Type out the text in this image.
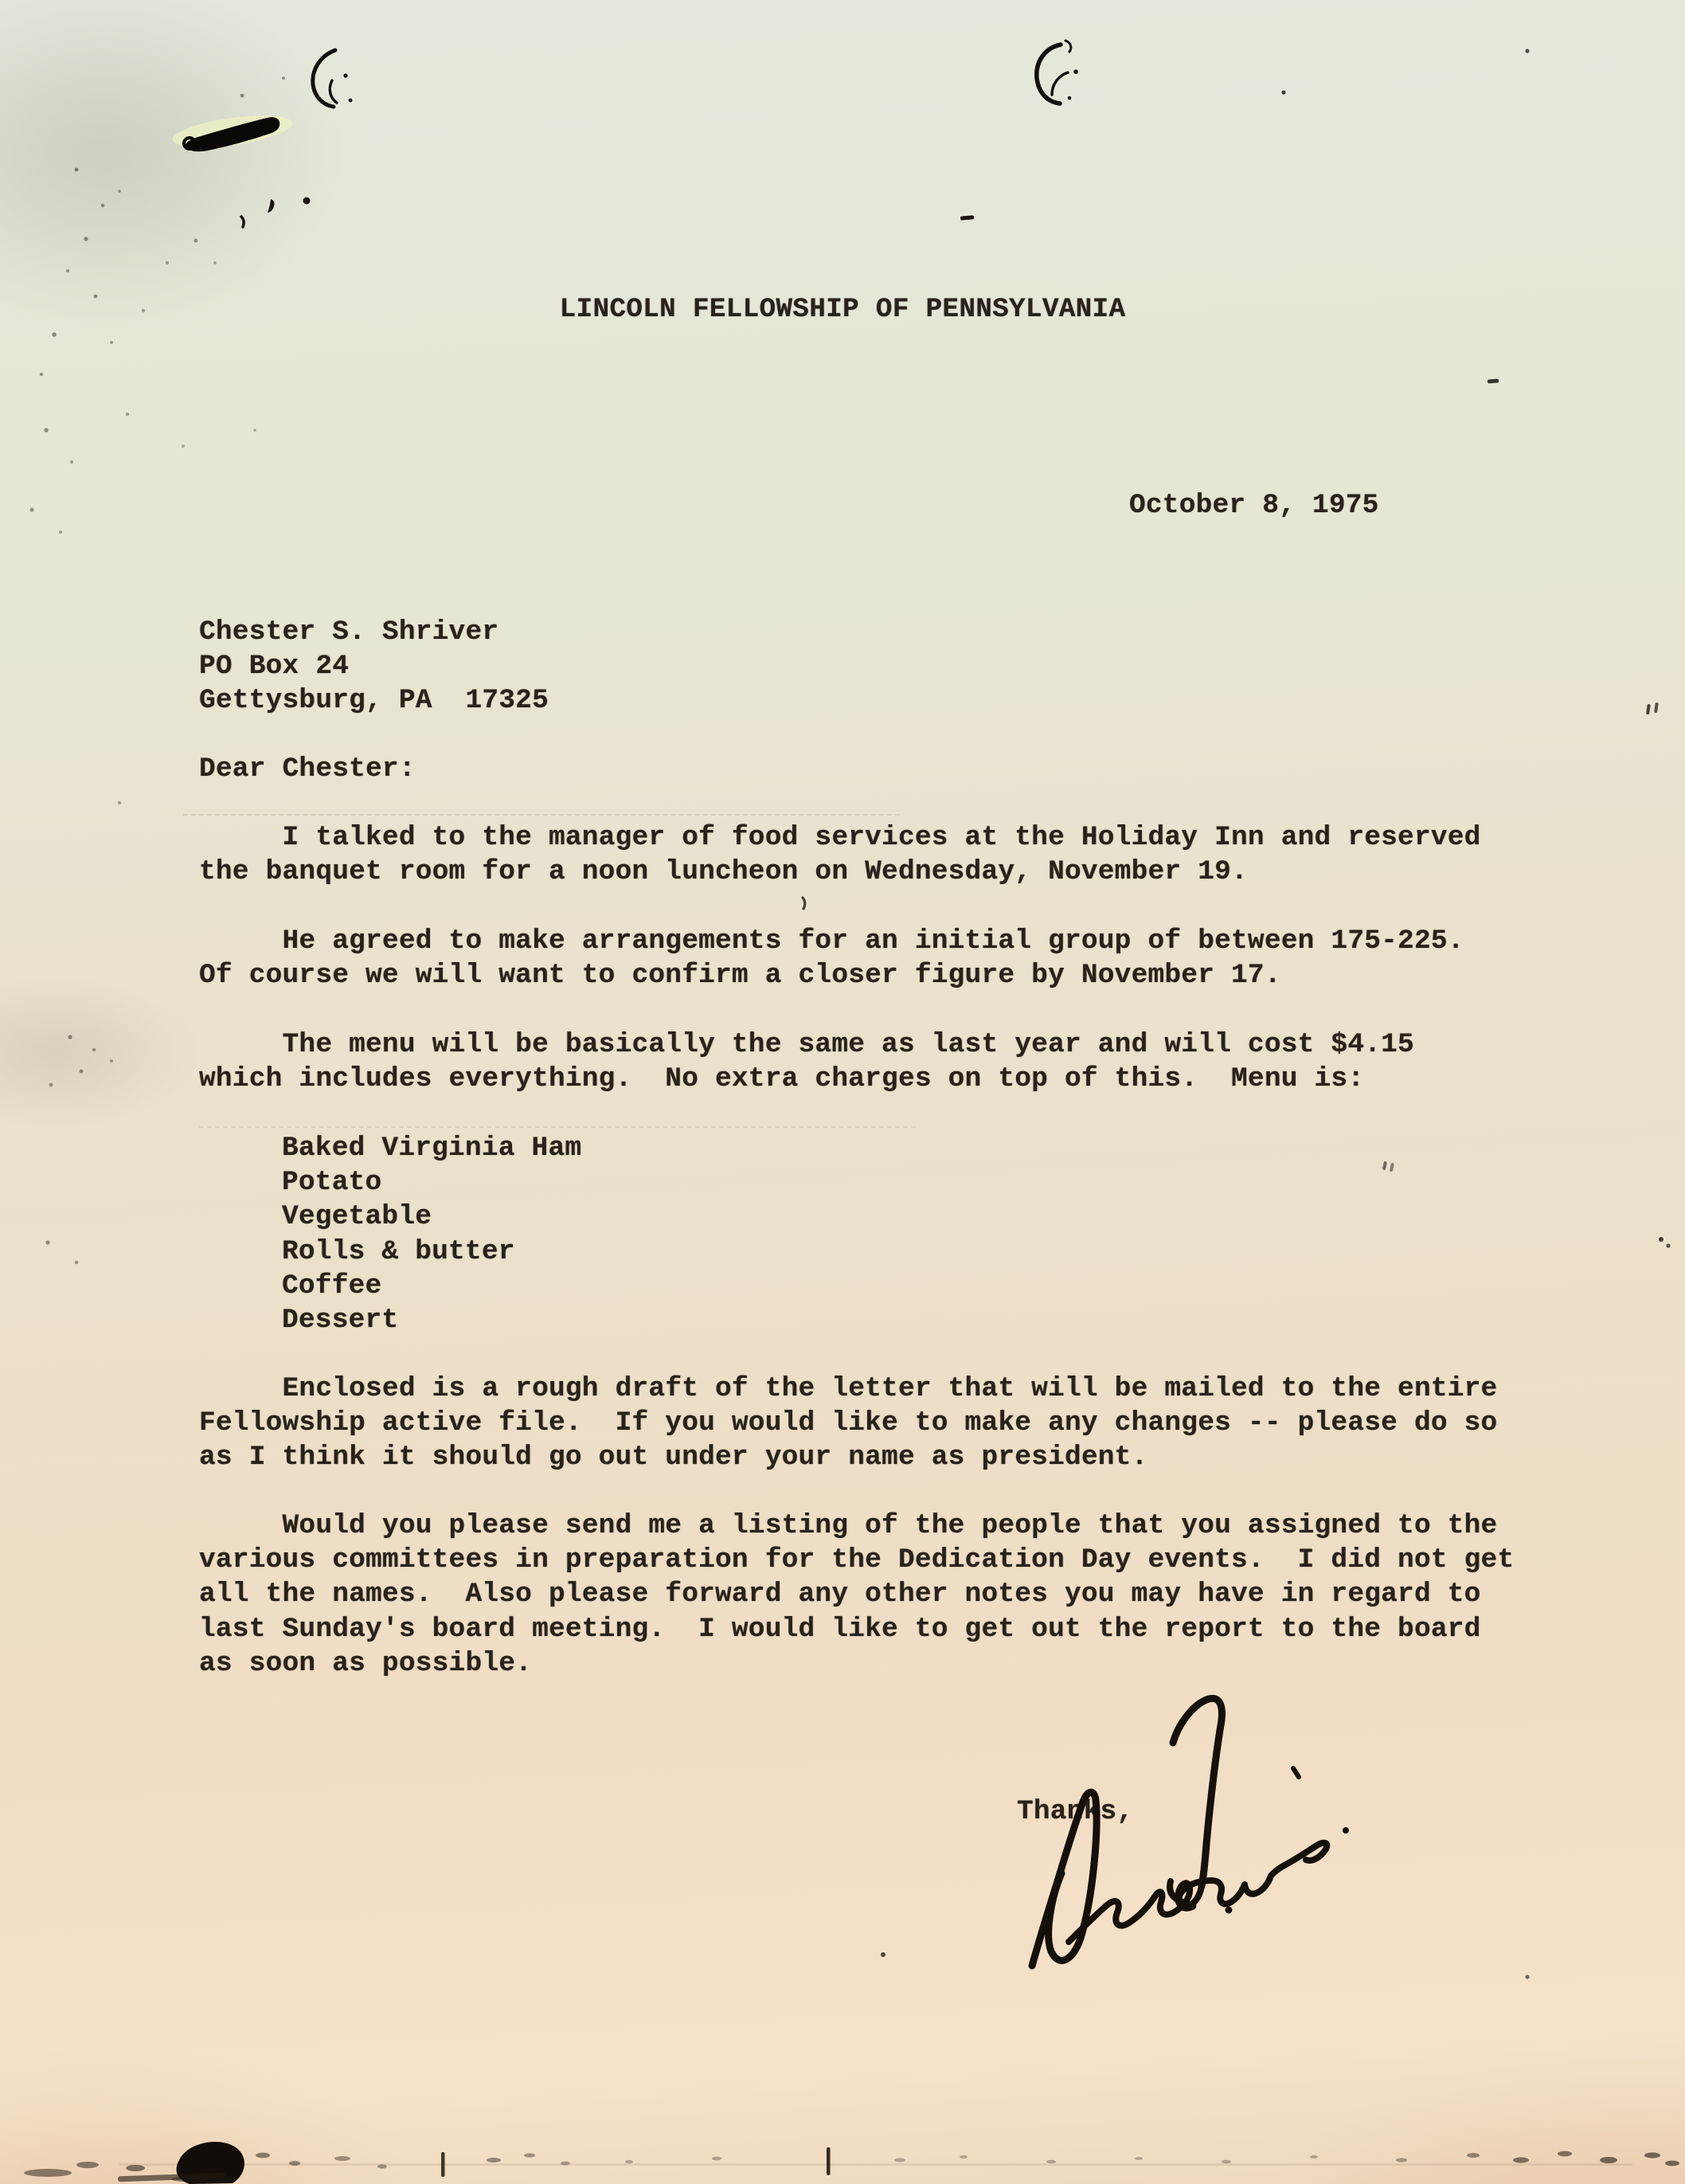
LINCOLN FELLOWSHIP OF PENNSYLVANIA
October 8, 1975
Chester S. Shriver
PO Box 24
Gettysburg, PA  17325
Dear Chester:
I talked to the manager of food services at the Holiday Inn and reserved
the banquet room for a noon luncheon on Wednesday, November 19.
He agreed to make arrangements for an initial group of between 175-225.
Of course we will want to confirm a closer figure by November 17.
The menu will be basically the same as last year and will cost $4.15
which includes everything.  No extra charges on top of this.  Menu is:
Baked Virginia Ham
Potato
Vegetable
Rolls & butter
Coffee
Dessert
Enclosed is a rough draft of the letter that will be mailed to the entire
Fellowship active file.  If you would like to make any changes -- please do so
as I think it should go out under your name as president.
Would you please send me a listing of the people that you assigned to the
various committees in preparation for the Dedication Day events.  I did not get
all the names.  Also please forward any other notes you may have in regard to
last Sunday's board meeting.  I would like to get out the report to the board
as soon as possible.
Thanks,
